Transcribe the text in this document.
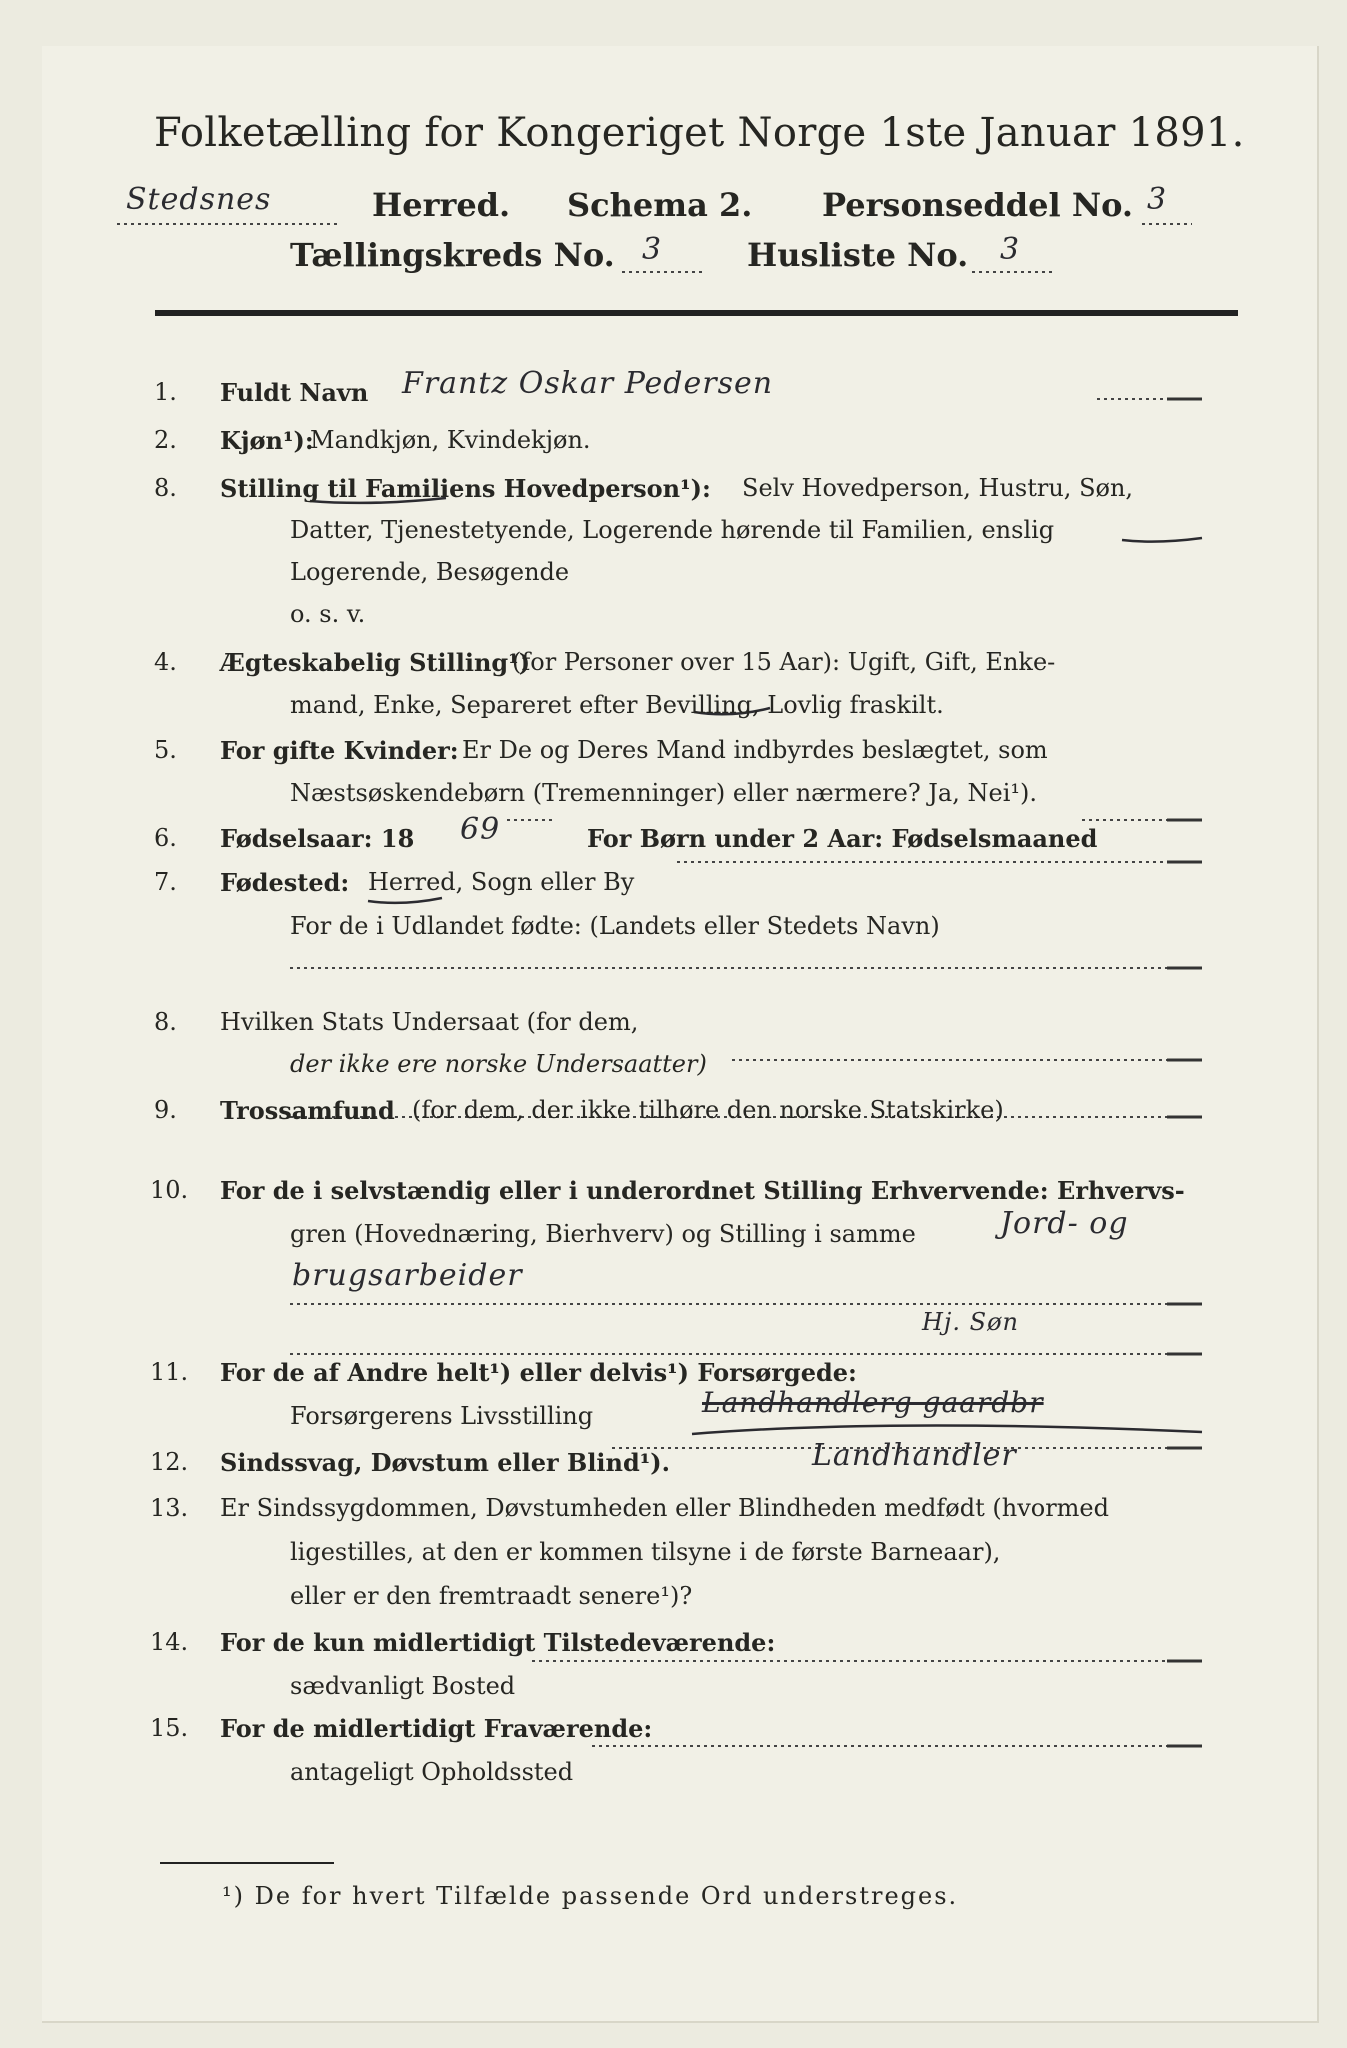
Folketælling for Kongeriget Norge 1ste Januar 1891.
Stedsnes	Herred. Schema 2. Personseddel No. 3
Tællingskreds No. 3	Husliste No. 3
1. Fuldt Navn Frantz Oskar Pedersen
2. Kjøn¹):
Mandkjøn, Kvindekjøn.
8. Stilling til Familiens Hovedperson¹): Selv Hovedperson, Hustru, Søn,
Datter, Tjenestetyende, Logerende hørende til Familien, enslig
Logerende, Besøgende
o. s. v.
4. Ægteskabelig Stilling¹)
(for Personer over 15 Aar): Ugift, Gift, Enke-
mand, Enke, Separeret efter Bevilling, Lovlig fraskilt.
5. For gifte Kvinder: Er De og Deres Mand indbyrdes beslægtet, som
Næstsøskendebørn (Tremenninger) eller nærmere? Ja, Nei¹).
6. Fødselsaar: 18 69	For Børn under 2 Aar: Fødselsmaaned
7. Fødested: Herred, Sogn eller By
For de i Udlandet fødte: (Landets eller Stedets Navn)
8. Hvilken Stats Undersaat (for dem,
der ikke ere norske Undersaatter)
9. Trossamfund (for dem, der ikke tilhøre den norske Statskirke)
10. For de i selvstændig eller i underordnet Stilling Erhvervende: Erhvervs-
gren (Hovednæring, Bierhverv) og Stilling i samme	Jord- og
brugsarbeider
Hj. Søn
11. For de af Andre helt¹) eller delvis¹) Forsørgede:
Forsørgerens Livsstilling	Landhandlerg gaardbr
Landhandler
12. Sindssvag, Døvstum eller Blind¹).
13. Er Sindssygdommen, Døvstumheden eller Blindheden medfødt (hvormed
ligestilles, at den er kommen tilsyne i de første Barneaar),
eller er den fremtraadt senere¹)?
14. For de kun midlertidigt Tilstedeværende:
sædvanligt Bosted
15. For de midlertidigt Fraværende:
antageligt Opholdssted
¹) De for hvert Tilfælde passende Ord understreges.
